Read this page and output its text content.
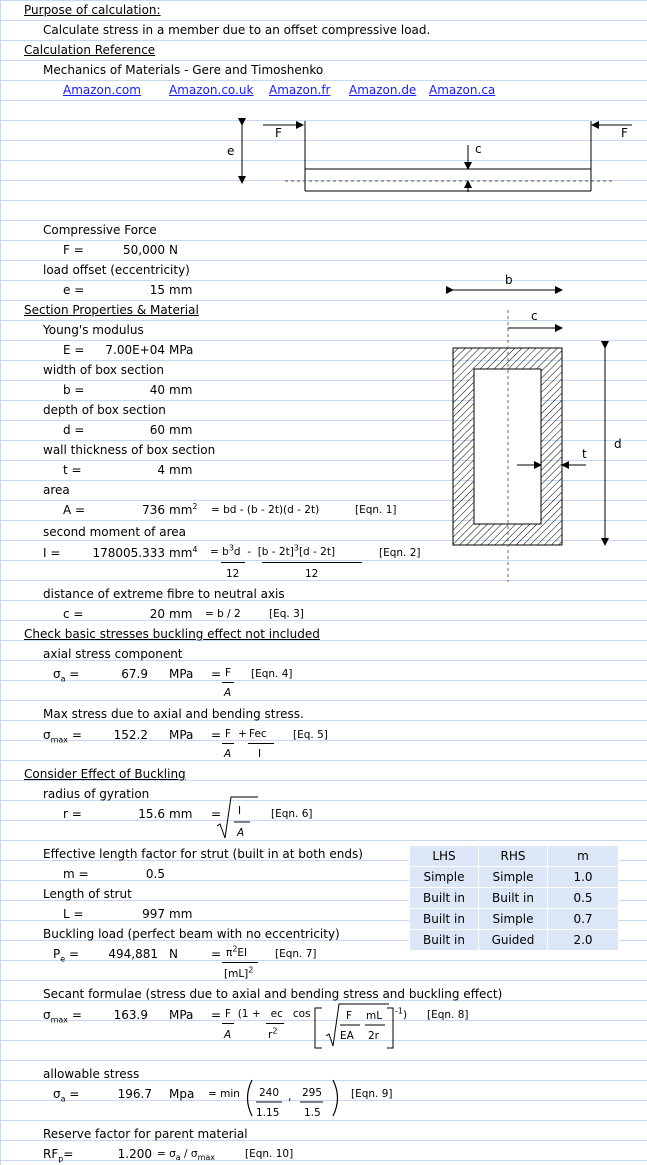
Purpose of calculation:
Calculate stress in a member due to an offset compressive load.
Calculation Reference
Mechanics of Materials - Gere and Timoshenko
Amazon.com Amazon.co.uk Amazon.fr Amazon.de Amazon.ca
F	F
e	c
b
c
d
t
Compressive Force
F =	50,000 N
load offset (eccentricity)
e =	15 mm
Section Properties & Material
Young's modulus
E =	7.00E+04 MPa
width of box section
b =	40 mm
depth of box section
d =	60 mm
wall thickness of box section
t =	4 mm
area
A =	736 $mm^2$ = bd - (b - 2t)(d - 2t)	[Eqn. 1]
second moment of area
I =	178005.333 $mm^4 = b^3d - [b - 2t]^3[d - 2t]$
12	12
[Eqn. 2]
distance of extreme fibre to neutral axis
c =	20 mm = b / 2	[Eq. 3]
Check basic stresses buckling effect not included
axial stress component
$\sigma_a$ =	67.9 MPa = F
A
[Eqn. 4]
Max stress due to axial and bending stress.
$\sigma_{max}$ =	152.2 MPa = F + Fec
A	I
[Eq. 5]
Consider Effect of Buckling
radius of gyration
r =	15.6 mm = I
A
[Eqn. 6]
Effective length factor for strut (built in at both ends)
m =	0.5
Length of strut
L =	997 mm
Buckling load (perfect beam with no eccentricity)
$P_e$ =	494,881 N	= $\pi^2EI$
[mL]$^2$
[Eqn. 7]
Secant formulae (stress due to axial and bending stress and buckling effect)
$\sigma_{max}$ =	163.9 MPa = F  (1 +   ec   cos
A	$r^2$
F
EA
mL
2r
$^{-1}$) [Eqn. 8]
allowable stress
$\sigma_a$ =	196.7 Mpa = min 240
1.15
, 295
1.5
[Eqn. 9]
Reserve factor for parent material
$RF_p=$	$1.200 = \sigma_a / \sigma_{max}$	[Eqn. 10]
LHS	RHS	m
Simple	Simple	1.0
Built in	Built in	0.5
Built in	Simple	0.7
Built in	Guided	2.0
